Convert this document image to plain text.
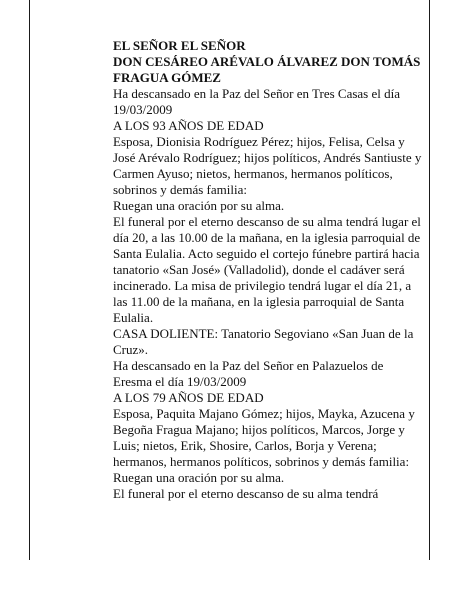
EL SEÑOR EL SEÑOR

DON CESÁREO ARÉVALO ÁLVAREZ DON TOMÁS FRAGUA GÓMEZ

Ha descansado en la Paz del Señor en Tres Casas el día 19/03/2009

A LOS 93 AÑOS DE EDAD

Esposa, Dionisia Rodríguez Pérez; hijos, Felisa, Celsa y José Arévalo Rodríguez; hijos políticos, Andrés Santiuste y Carmen Ayuso; nietos, hermanos, hermanos políticos, sobrinos y demás familia:

Ruegan una oración por su alma.

El funeral por el eterno descanso de su alma tendrá lugar el día 20, a las 10.00 de la mañana, en la iglesia parroquial de Santa Eulalia. Acto seguido el cortejo fúnebre partirá hacia tanatorio «San José» (Valladolid), donde el cadáver será incinerado. La misa de privilegio tendrá lugar el día 21, a las 11.00 de la mañana, en la iglesia parroquial de Santa Eulalia.

CASA DOLIENTE: Tanatorio Segoviano «San Juan de la Cruz».

Ha descansado en la Paz del Señor en Palazuelos de Eresma el día 19/03/2009

A LOS 79 AÑOS DE EDAD

Esposa, Paquita Majano Gómez; hijos, Mayka, Azucena y Begoña Fragua Majano; hijos políticos, Marcos, Jorge y Luis; nietos, Erik, Shosire, Carlos, Borja y Verena; hermanos, hermanos políticos, sobrinos y demás familia:

Ruegan una oración por su alma.

El funeral por el eterno descanso de su alma tendrá
